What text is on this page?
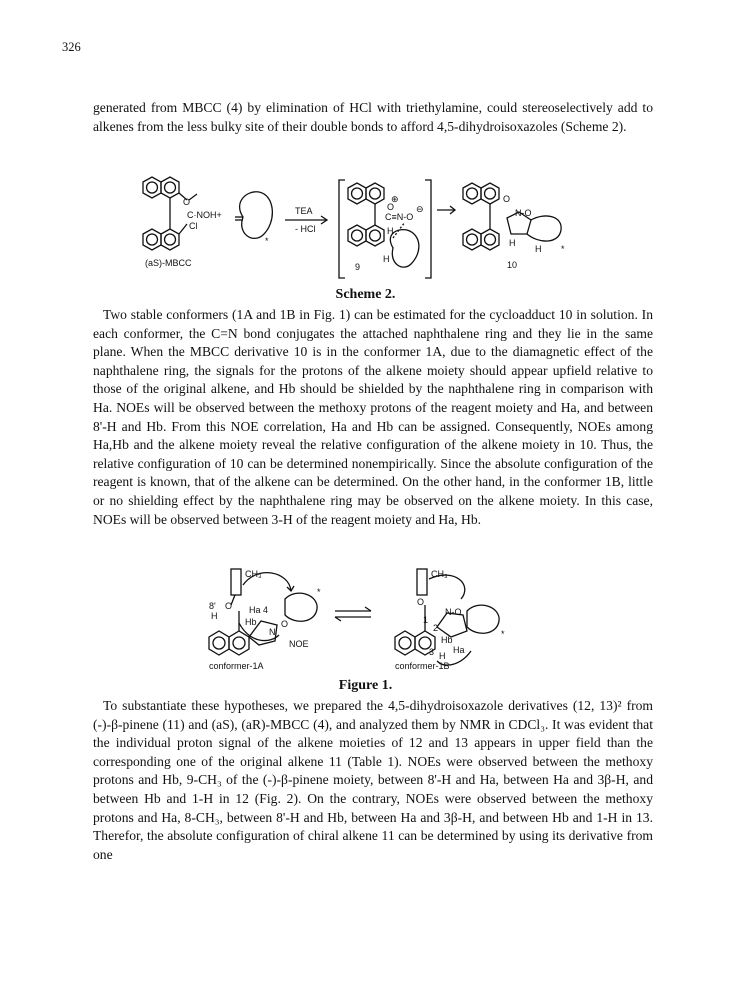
326

generated from MBCC (4) by elimination of HCl with triethylamine, could stereoselectively add to alkenes from the less bulky site of their double bonds to afford 4,5-dihydroisoxazoles (Scheme 2).

O
C·NOH+
Cl
(aS)-MBCC
*
TEA
- HCl
O
⊕
⊖
C≡N-O
H
H
9
O
N-O
H
H *
10
Scheme 2.

Two stable conformers (1A and 1B in Fig. 1) can be estimated for the cycloadduct 10 in solution. In each conformer, the C=N bond conjugates the attached naphthalene ring and they lie in the same plane. When the MBCC derivative 10 is in the conformer 1A, due to the diamagnetic effect of the naphthalene ring, the signals for the protons of the alkene moiety should appear upfield relative to those of the original alkene, and Hb should be shielded by the naphthalene ring in comparison with Ha. NOEs will be observed between the methoxy protons of the reagent moiety and Ha, and between 8'-H and Hb. From this NOE correlation, Ha and Hb can be assigned. Consequently, NOEs among Ha,Hb and the alkene moiety reveal the relative configuration of the alkene moiety in 10. Thus, the relative configuration of 10 can be determined nonempirically. Since the absolute configuration of the reagent is known, that of the alkene can be determined. On the other hand, in the conformer 1B, little or no shielding effect by the naphthalene ring may be observed on the alkene moiety. In this case, NOEs will be observed between 3-H of the reagent moiety and Ha, Hb.

CH₃
8'
H
O Ha 4
Hb
N
O
NOE
*
conformer-1A
CH₃
O
N-O
1
2
Hb
Ha
3 H
*
conformer-1B
Figure 1.

To substantiate these hypotheses, we prepared the 4,5-dihydroisoxazole derivatives (12, 13)² from (-)-β-pinene (11) and (aS), (aR)-MBCC (4), and analyzed them by NMR in CDCl₃. It was evident that the individual proton signal of the alkene moieties of 12 and 13 appears in upper field than the corresponding one of the original alkene 11 (Table 1). NOEs were observed between the methoxy protons and Hb, 9-CH₃ of the (-)-β-pinene moiety, between 8'-H and Ha, between Ha and 3β-H, and between Hb and 1-H in 12 (Fig. 2). On the contrary, NOEs were observed between the methoxy protons and Ha, 8-CH₃, between 8'-H and Hb, between Ha and 3β-H, and between Hb and 1-H in 13. Therefor, the absolute configuration of chiral alkene 11 can be determined by using its derivative from one
